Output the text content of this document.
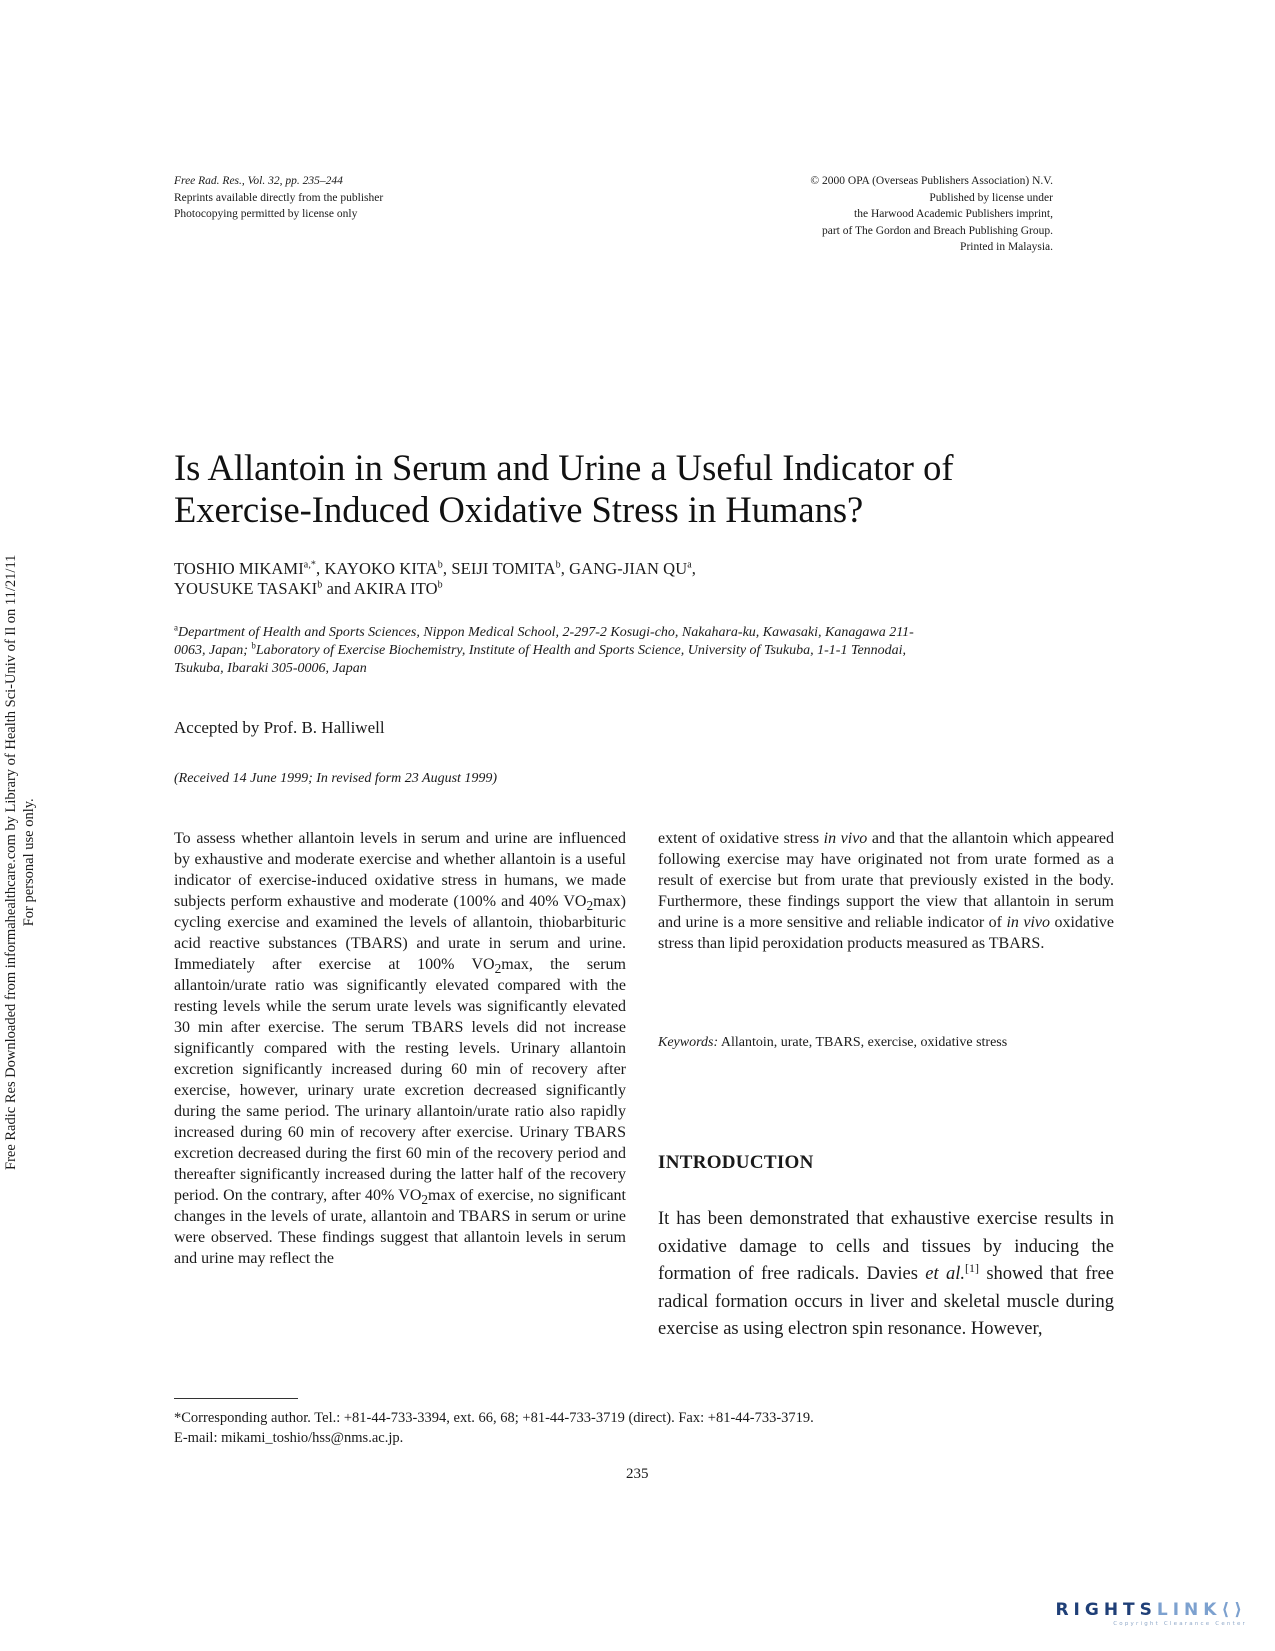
Free Rad. Res., Vol. 32, pp. 235–244
Reprints available directly from the publisher
Photocopying permitted by license only
© 2000 OPA (Overseas Publishers Association) N.V.
Published by license under
the Harwood Academic Publishers imprint,
part of The Gordon and Breach Publishing Group.
Printed in Malaysia.
Is Allantoin in Serum and Urine a Useful Indicator of
Exercise-Induced Oxidative Stress in Humans?
TOSHIO $MIKAMI^{a,*}$, KAYOKO KITA$^b$, SEIJI TOMITA$^b$, GANG-JIAN $QU^a$,
YOUSUKE TASAKI$^b$ and AKIRA ITO$^b$
$^a$Department of Health and Sports Sciences, Nippon Medical School, 2-297-2 Kosugi-cho, Nakahara-ku, Kawasaki, Kanagawa 211-0063, Japan; $^b$Laboratory of Exercise Biochemistry, Institute of Health and Sports Science, University of Tsukuba, 1-1-1 Tennodai, Tsukuba, Ibaraki 305-0006, Japan
Accepted by Prof. B. Halliwell
(Received 14 June 1999; In revised form 23 August 1999)
To assess whether allantoin levels in serum and urine are influenced by exhaustive and moderate exercise and whether allantoin is a useful indicator of exercise-induced oxidative stress in humans, we made subjects perform exhaustive and moderate (100% and 40% $VO_2\max$) cycling exercise and examined the levels of allantoin, thiobarbituric acid reactive substances (TBARS) and urate in serum and urine. Immediately after exercise at 100% $VO_2\max$, the serum allantoin/urate ratio was significantly elevated compared with the resting levels while the serum urate levels was significantly elevated 30 min after exercise. The serum TBARS levels did not increase significantly compared with the resting levels. Urinary allantoin excretion significantly increased during 60 min of recovery after exercise, however, urinary urate excretion decreased significantly during the same period. The urinary allantoin/urate ratio also rapidly increased during 60 min of recovery after exercise. Urinary TBARS excretion decreased during the first 60 min of the recovery period and thereafter significantly increased during the latter half of the recovery period. On the contrary, after 40% $VO_2\max$ of exercise, no significant changes in the levels of urate, allantoin and TBARS in serum or urine were observed. These findings suggest that allantoin levels in serum and urine may reflect the
extent of oxidative stress in vivo and that the allantoin which appeared following exercise may have originated not from urate formed as a result of exercise but from urate that previously existed in the body. Furthermore, these findings support the view that allantoin in serum and urine is a more sensitive and reliable indicator of in vivo oxidative stress than lipid peroxidation products measured as TBARS.
Keywords: Allantoin, urate, TBARS, exercise, oxidative stress
INTRODUCTION
It has been demonstrated that exhaustive exercise results in oxidative damage to cells and tissues by inducing the formation of free radicals. Davies et al.[1] showed that free radical formation occurs in liver and skeletal muscle during exercise as using electron spin resonance. However,
*Corresponding author. Tel.: +81-44-733-3394, ext. 66, 68; +81-44-733-3719 (direct). Fax: +81-44-733-3719.
E-mail: mikami_toshio/hss@nms.ac.jp.
235
Free Radic Res Downloaded from informahealthcare.com by Library of Health Sci-Univ of Il on 11/21/11 For personal use only.
RIGHTSLINK⟨⟩
Copyright Clearance Center
